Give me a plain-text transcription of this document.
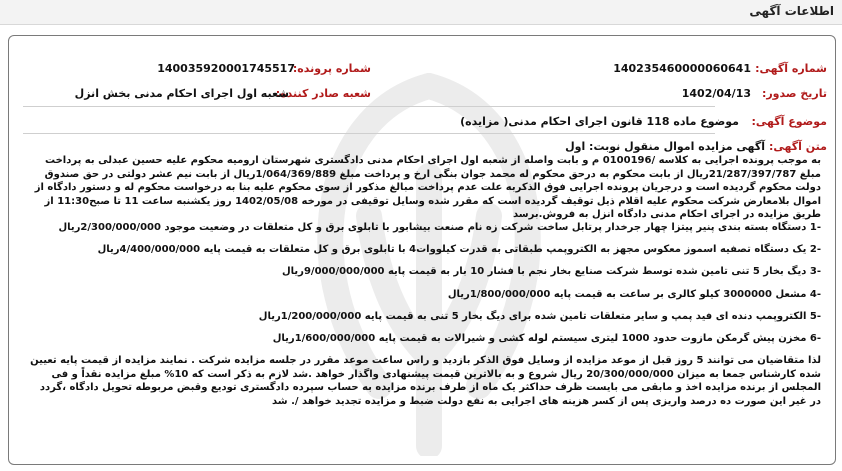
اطلاعات آگهی
شماره آگهی:
140235460000060641
شماره پرونده:
140035920001745517
تاریخ صدور:
1402/04/13
شعبه صادر کننده:
شعبه اول اجرای احکام مدنی بخش انزل
موضوع آگهی:
موضوع ماده 118 قانون اجرای احکام مدنی( مزایده)
متن آگهی:
آگهی مزایده اموال منقول نوبت: اول
به موجب پرونده اجرایی به کلاسه /0100196 م و بابت واصله از شعبه اول اجرای احکام مدنی دادگستری شهرستان ارومیه محکوم علیه حسین عبدلی به پرداخت مبلغ 21/287/397/787ریال از بابت محکوم به درحق محکوم له محمد جوان بنگی ارخ و پرداخت مبلغ 1/064/369/889ریال از بابت نیم عشر دولتی در حق صندوق دولت محکوم گردیده است و درجریان پرونده اجرایی فوق الذکربه علت عدم پرداخت مبالغ مذکور از سوی محکوم علیه بنا به درخواست محکوم له و دستور دادگاه از اموال بلامعارض شرکت محکوم علیه اقلام ذیل توقیف گردیده است که مقرر شده وسایل توقیفی در مورخه 1402/05/08 روز یکشنبه ساعت 11 تا صبح11:30 از طریق مزایده در اجرای احکام مدنی دادگاه انزل به فروش.برسد
-1 دستگاه بسته بندی پنیر پیتزا چهار جرخدار پرتابل ساخت شرکت زه نام صنعت بیشابور با تابلوی برق و کل متعلقات در وضعیت موجود 2/300/000/000ریال
-2 یک دستگاه تصفیه اسموز معکوس مجهز به الکتروپمپ طبقاتی به قدرت کیلووات4 با تابلوی برق و کل متعلقات به قیمت پایه 4/400/000/000ریال
-3 دیگ بخار 5 تنی تامین شده توسط شرکت صنایع بخار نجم با فشار 10 بار به قیمت پایه 9/000/000/000ریال
-4 مشعل 3000000 کیلو کالری بر ساعت به قیمت پایه 1/800/000/000ریال
-5 الکتروپمپ دنده ای فید پمپ و سایر متعلقات تامین شده برای دیگ بخار 5 تنی به قیمت پایه 1/200/000/000ریال
-6 مخزن پیش گرمکن مازوت حدود 1000 لیتری سیستم لوله کشی و شیرالات به قیمت پایه 1/600/000/000ریال
لذا متقاضیان می توانند 5 روز قبل از موعد مزایده از وسایل فوق الذکر بازدید و راس ساعت موعد مقرر در جلسه مزایده شرکت . نمایند مزایده از قیمت پایه تعیین شده کارشناس جمعا به میزان 20/300/000/000 ریال شروع و به بالاترین قیمت پیشنهادی واگذار خواهد .شد لازم به ذکر است که 10% مبلغ مزایده نقداً و فی المجلس از برنده مزایده اخذ و مابقی می بایست ظرف حداکثر یک ماه از طرف برنده مزایده به حساب سپرده دادگستری تودیع وقبض مربوطه تحویل دادگاه ،گردد در غیر این صورت ده درصد واریزی پس از کسر هزینه های اجرایی به نفع دولت ضبط و مزایده تجدید خواهد /. شد
